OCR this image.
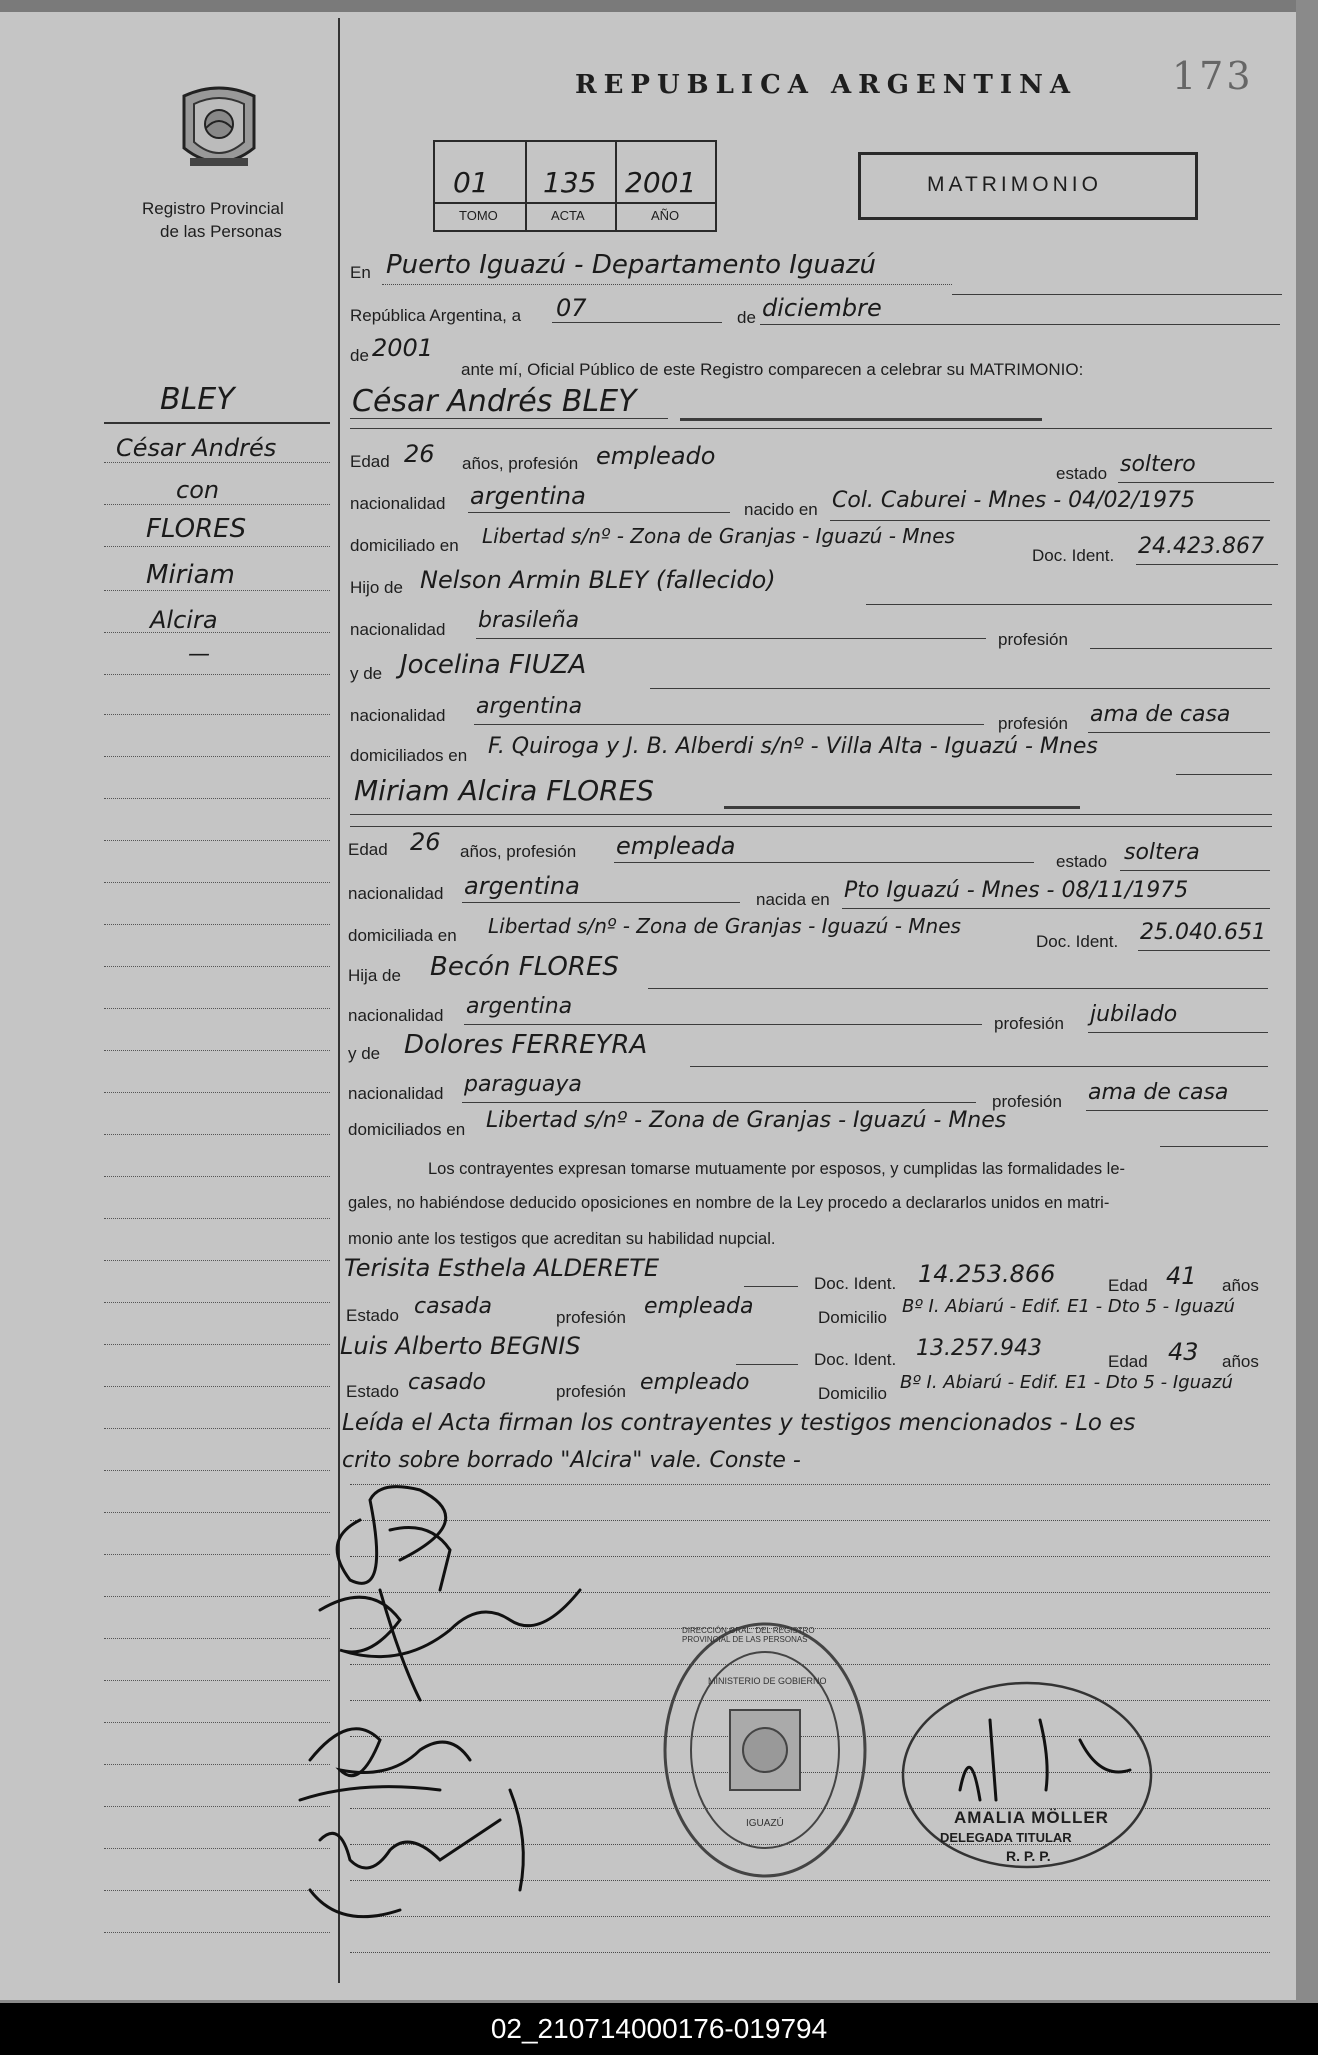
Registro Provincial
de las Personas
REPUBLICA ARGENTINA 173
01 135 2001
TOMO	ACTA	AÑO
MATRIMONIO
BLEY
César Andrés
con
FLORES
Miriam
Alcira
—
En Puerto Iguazú - Departamento Iguazú
República Argentina, a 07	de diciembre
de 2001
ante mí, Oficial Público de este Registro comparecen a celebrar su MATRIMONIO:
César Andrés BLEY
Edad 26 años, profesión empleado
estado soltero
nacionalidad argentina	nacido en Col. Caburei - Mnes - 04/02/1975
domiciliado en Libertad s/nº - Zona de Granjas - Iguazú - Mnes
Doc. Ident. 24.423.867
Hijo de Nelson Armin BLEY (fallecido)
nacionalidad brasileña
profesión
y de Jocelina FIUZA
nacionalidad argentina
profesión ama de casa
domiciliados en F. Quiroga y J. B. Alberdi s/nº - Villa Alta - Iguazú - Mnes
Miriam Alcira FLORES
Edad 26 años, profesión empleada
estado soltera
nacionalidad argentina	nacida en Pto Iguazú - Mnes - 08/11/1975
domiciliada en Libertad s/nº - Zona de Granjas - Iguazú - Mnes
Doc. Ident. 25.040.651
Hija de Becón FLORES
nacionalidad argentina
profesión jubilado
y de Dolores FERREYRA
nacionalidad paraguaya
profesión ama de casa
domiciliados en Libertad s/nº - Zona de Granjas - Iguazú - Mnes
Los contrayentes expresan tomarse mutuamente por esposos, y cumplidas las formalidades le-
gales, no habiéndose deducido oposiciones en nombre de la Ley procedo a declararlos unidos en matri-
monio ante los testigos que acreditan su habilidad nupcial.
Terisita Esthela ALDERETE
Doc. Ident. 14.253.866	Edad 41 años
Estado casada	profesión empleada	Domicilio
Bº I. Abiarú - Edif. E1 - Dto 5 - Iguazú
Luis Alberto BEGNIS	Doc. Ident. 13.257.943
Edad 43 años
Estado casado	profesión empleado	Domicilio
Bº I. Abiarú - Edif. E1 - Dto 5 - Iguazú
Leída el Acta firman los contrayentes y testigos mencionados - Lo es
crito sobre borrado "Alcira" vale. Conste -
DIRECCIÓN GRAL. DEL REGISTRO PROVINCIAL DE LAS PERSONAS
MINISTERIO DE GOBIERNO
IGUAZÚ	AMALIA MÖLLER
DELEGADA TITULAR
R. P. P.
02_210714000176-019794
